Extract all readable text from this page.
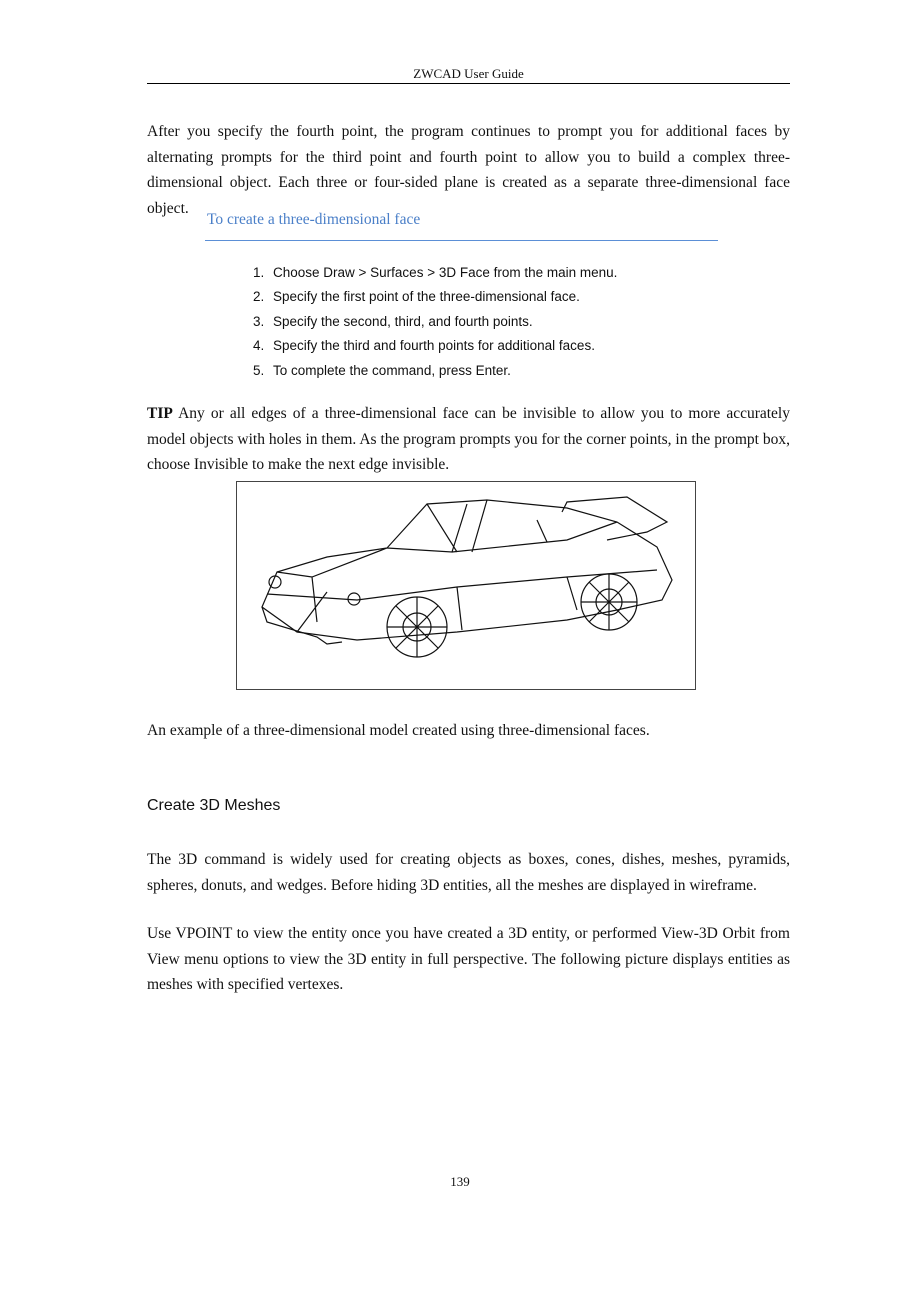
ZWCAD User Guide

After you specify the fourth point, the program continues to prompt you for additional faces by alternating prompts for the third point and fourth point to allow you to build a complex three-dimensional object. Each three or four-sided plane is created as a separate three-dimensional face object.

To create a three-dimensional face
1. Choose Draw > Surfaces > 3D Face from the main menu.
2. Specify the first point of the three-dimensional face.
3. Specify the second, third, and fourth points.
4. Specify the third and fourth points for additional faces.
5. To complete the command, press Enter.

TIP Any or all edges of a three-dimensional face can be invisible to allow you to more accurately model objects with holes in them. As the program prompts you for the corner points, in the prompt box, choose Invisible to make the next edge invisible.

An example of a three-dimensional model created using three-dimensional faces.
Create 3D Meshes

The 3D command is widely used for creating objects as boxes, cones, dishes, meshes, pyramids, spheres, donuts, and wedges. Before hiding 3D entities, all the meshes are displayed in wireframe.

Use VPOINT to view the entity once you have created a 3D entity, or performed View-3D Orbit from View menu options to view the 3D entity in full perspective. The following picture displays entities as meshes with specified vertexes.

139
